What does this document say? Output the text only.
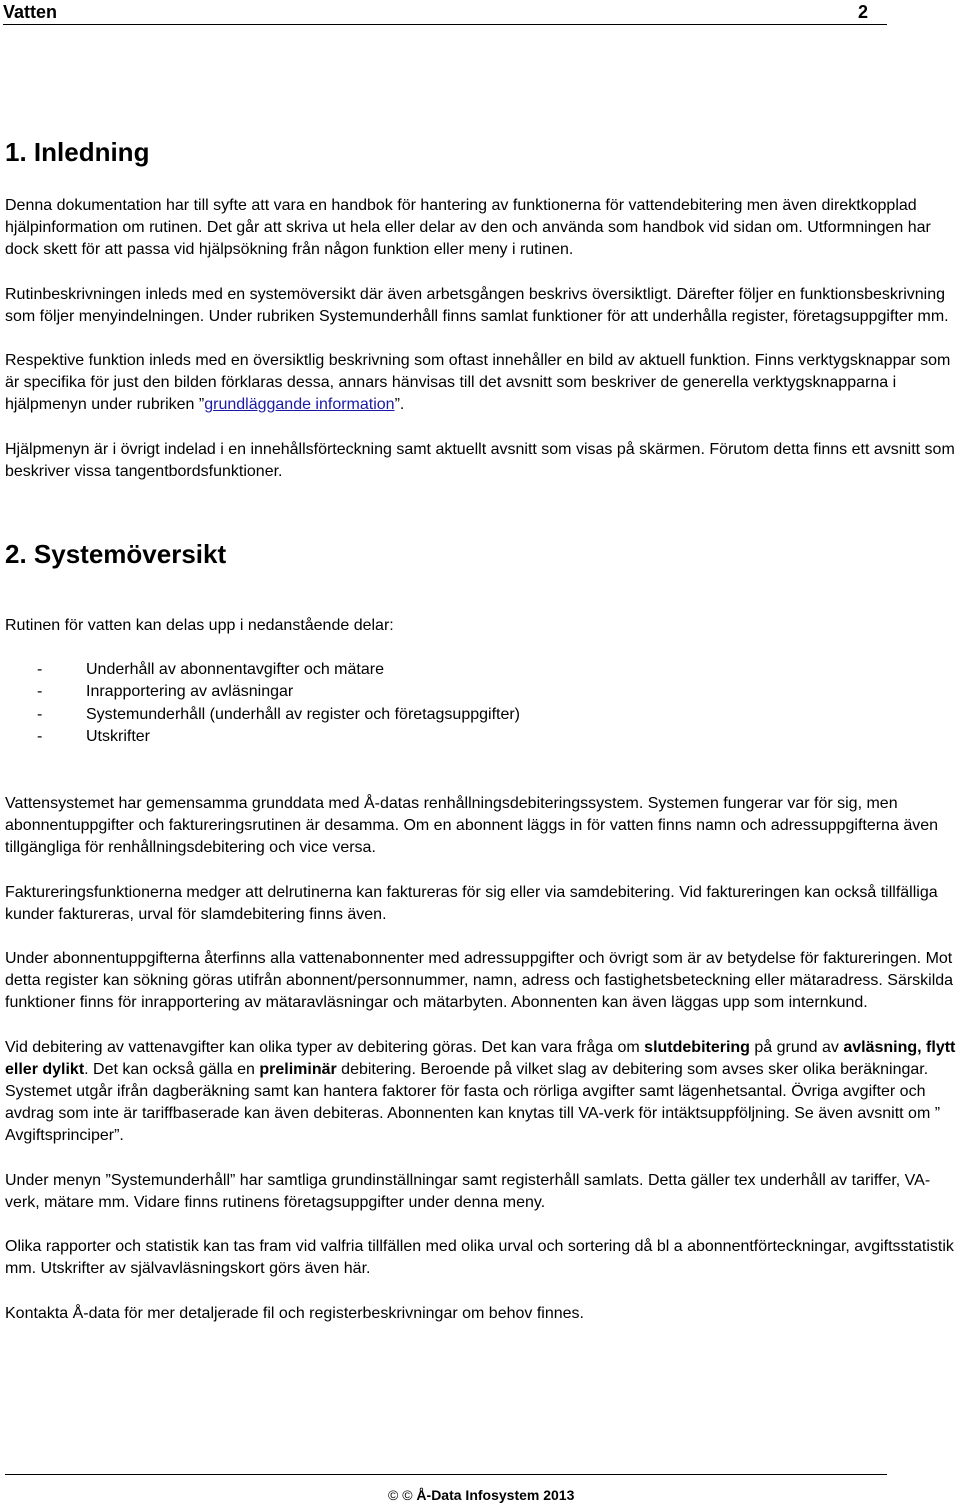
Vatten	2
1. Inledning

Denna dokumentation har till syfte att vara en handbok för hantering av funktionerna för vattendebitering men även direktkopplad hjälpinformation om rutinen. Det går att skriva ut hela eller delar av den och använda som handbok vid sidan om. Utformningen har dock skett för att passa vid hjälpsökning från någon funktion eller meny i rutinen.

Rutinbeskrivningen inleds med en systemöversikt där även arbetsgången beskrivs översiktligt. Därefter följer en funktionsbeskrivning som följer menyindelningen. Under rubriken Systemunderhåll finns samlat funktioner för att underhålla register, företagsuppgifter mm.

Respektive funktion inleds med en översiktlig beskrivning som oftast innehåller en bild av aktuell funktion. Finns verktygsknappar som är specifika för just den bilden förklaras dessa, annars hänvisas till det avsnitt som beskriver de generella verktygsknapparna i hjälpmenyn under rubriken ”grundläggande information”.

Hjälpmenyn är i övrigt indelad i en innehållsförteckning samt aktuellt avsnitt som visas på skärmen. Förutom detta finns ett avsnitt som beskriver vissa tangentbordsfunktioner.

2. Systemöversikt

Rutinen för vatten kan delas upp i nedanstående delar:

-	Underhåll av abonnentavgifter och mätare
-	Inrapportering av avläsningar
-	Systemunderhåll (underhåll av register och företagsuppgifter)
-	Utskrifter

Vattensystemet har gemensamma grunddata med Å-datas renhållningsdebiteringssystem. Systemen fungerar var för sig, men abonnentuppgifter och faktureringsrutinen är desamma. Om en abonnent läggs in för vatten finns namn och adressuppgifterna även tillgängliga för renhållningsdebitering och vice versa.

Faktureringsfunktionerna medger att delrutinerna kan faktureras för sig eller via samdebitering. Vid faktureringen kan också tillfälliga kunder faktureras, urval för slamdebitering finns även.

Under abonnentuppgifterna återfinns alla vattenabonnenter med adressuppgifter och övrigt som är av betydelse för faktureringen. Mot detta register kan sökning göras utifrån abonnent/personnummer, namn, adress och fastighetsbeteckning eller mätaradress. Särskilda funktioner finns för inrapportering av mätaravläsningar och mätarbyten. Abonnenten kan även läggas upp som internkund.

Vid debitering av vattenavgifter kan olika typer av debitering göras. Det kan vara fråga om slutdebitering på grund av avläsning, flytt eller dylikt. Det kan också gälla en preliminär debitering. Beroende på vilket slag av debitering som avses sker olika beräkningar. Systemet utgår ifrån dagberäkning samt kan hantera faktorer för fasta och rörliga avgifter samt lägenhetsantal. Övriga avgifter och avdrag som inte är tariffbaserade kan även debiteras. Abonnenten kan knytas till VA-verk för intäktsuppföljning. Se även avsnitt om ” Avgiftsprinciper”.

Under menyn ”Systemunderhåll” har samtliga grundinställningar samt registerhåll samlats. Detta gäller tex underhåll av tariffer, VA-verk, mätare mm. Vidare finns rutinens företagsuppgifter under denna meny.

Olika rapporter och statistik kan tas fram vid valfria tillfällen med olika urval och sortering då bl a abonnentförteckningar, avgiftsstatistik mm. Utskrifter av självavläsningskort görs även här.

Kontakta Å-data för mer detaljerade fil och registerbeskrivningar om behov finnes.

© © Å-Data Infosystem 2013
